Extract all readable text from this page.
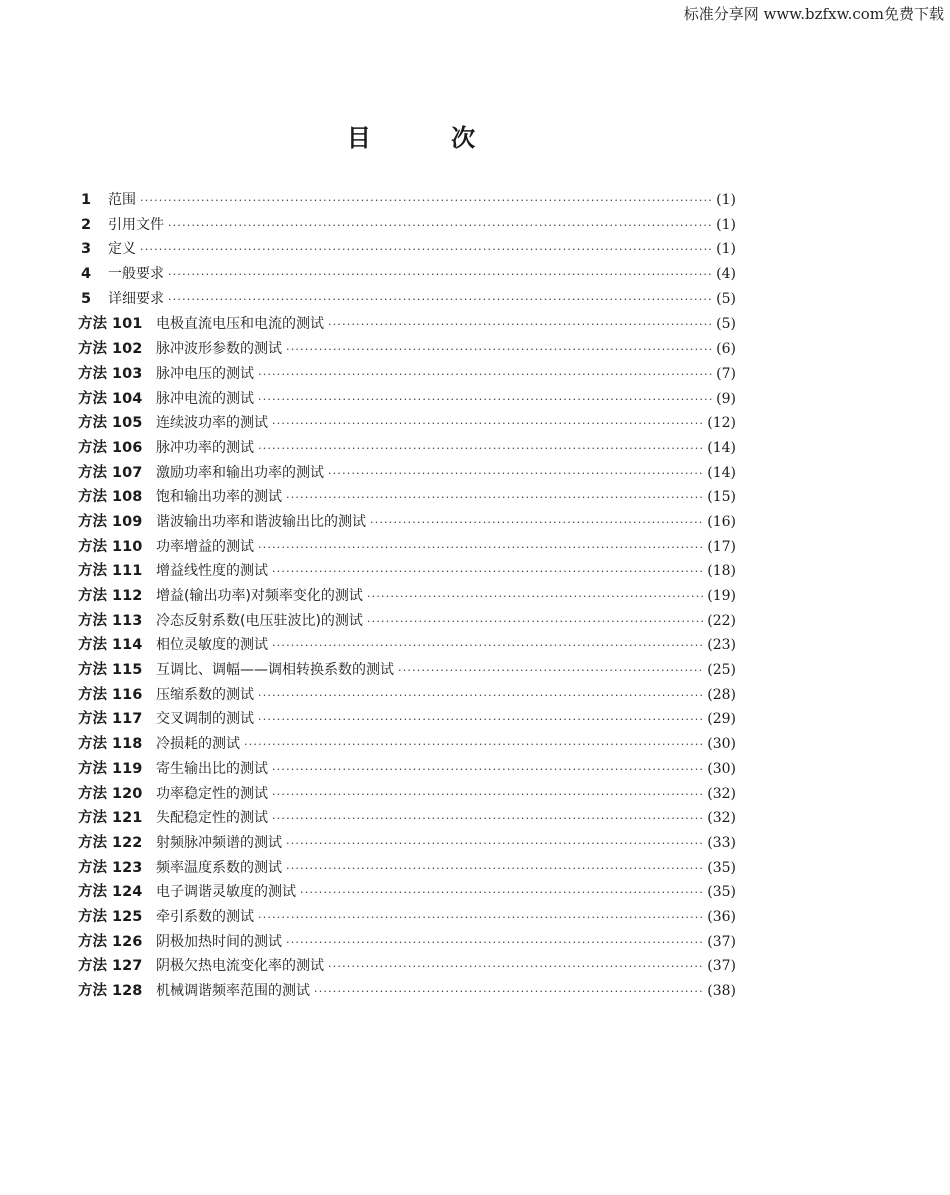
标准分享网 www.bzfxw.com免费下载
目	次
1	范围 ·····	(1)
2	引用文件 ·····	(1)
3	定义 ·····	(1)
4	一般要求 ·····	(4)
5	详细要求 ·····	(5)
方法 101 电极直流电压和电流的测试 ·····	(5)
方法 102 脉冲波形参数的测试 ·····	(6)
方法 103 脉冲电压的测试 ·····	(7)
方法 104 脉冲电流的测试 ·····	(9)
方法 105 连续波功率的测试 ·····	(12)
方法 106 脉冲功率的测试 ·····	(14)
方法 107 激励功率和输出功率的测试 ·····	(14)
方法 108 饱和输出功率的测试 ·····	(15)
方法 109 谐波输出功率和谐波输出比的测试 ·····	(16)
方法 110 功率增益的测试 ·····	(17)
方法 111 增益线性度的测试 ·····	(18)
方法 112 增益(输出功率)对频率变化的测试 ·····	(19)
方法 113 冷态反射系数(电压驻波比)的测试 ·····	(22)
方法 114 相位灵敏度的测试 ·····	(23)
方法 115 互调比、调幅——调相转换系数的测试 ·····	(25)
方法 116 压缩系数的测试 ·····	(28)
方法 117 交叉调制的测试 ·····	(29)
方法 118 冷损耗的测试 ·····	(30)
方法 119 寄生输出比的测试 ·····	(30)
方法 120 功率稳定性的测试 ·····	(32)
方法 121 失配稳定性的测试 ·····	(32)
方法 122 射频脉冲频谱的测试 ·····	(33)
方法 123 频率温度系数的测试 ·····	(35)
方法 124 电子调谐灵敏度的测试 ·····	(35)
方法 125 牵引系数的测试 ·····	(36)
方法 126 阴极加热时间的测试 ·····	(37)
方法 127 阴极欠热电流变化率的测试 ·····	(37)
方法 128 机械调谐频率范围的测试 ·····	(38)
